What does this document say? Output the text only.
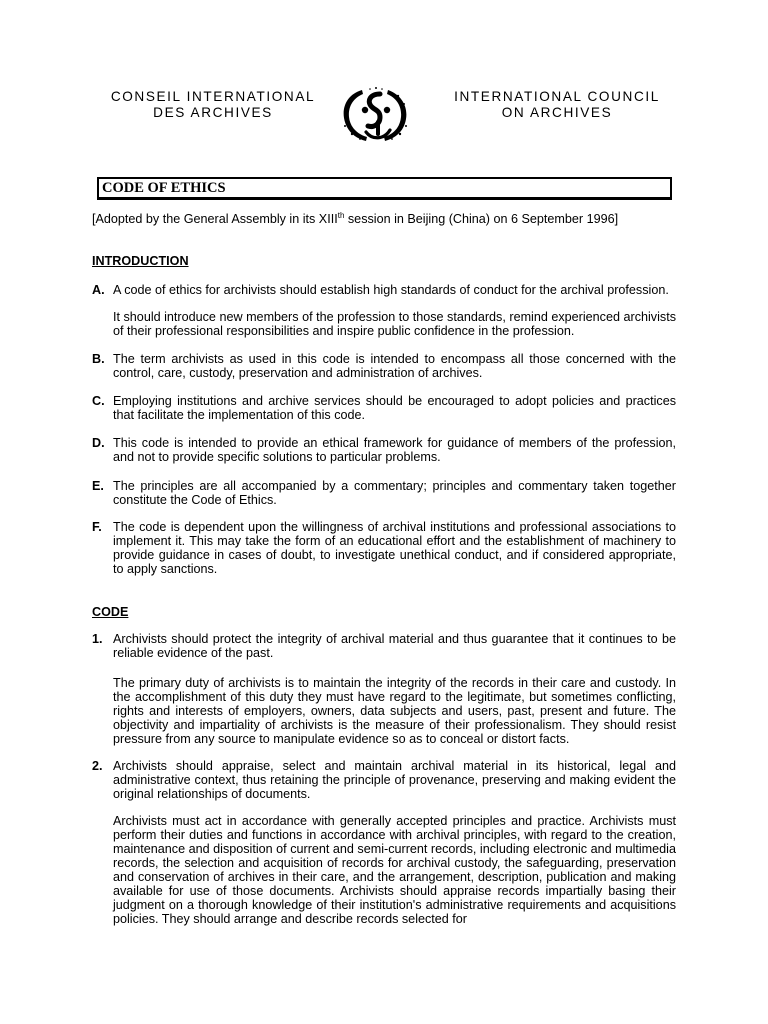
CONSEIL INTERNATIONAL
DES ARCHIVES
INTERNATIONAL COUNCIL
ON ARCHIVES
CODE OF ETHICS
[Adopted by the General Assembly in its XIIIth session in Beijing (China) on 6 September 1996]
INTRODUCTION
A. A code of ethics for archivists should establish high standards of conduct for the archival profession.
It should introduce new members of the profession to those standards, remind experienced archivists of their professional responsibilities and inspire public confidence in the profession.
B. The term archivists as used in this code is intended to encompass all those concerned with the control, care, custody, preservation and administration of archives.
C. Employing institutions and archive services should be encouraged to adopt policies and practices that facilitate the implementation of this code.
D. This code is intended to provide an ethical framework for guidance of members of the profession, and not to provide specific solutions to particular problems.
E. The principles are all accompanied by a commentary; principles and commentary taken together constitute the Code of Ethics.
F. The code is dependent upon the willingness of archival institutions and professional associations to implement it. This may take the form of an educational effort and the establishment of machinery to provide guidance in cases of doubt, to investigate unethical conduct, and if considered appropriate, to apply sanctions.
CODE
1. Archivists should protect the integrity of archival material and thus guarantee that it continues to be reliable evidence of the past.
The primary duty of archivists is to maintain the integrity of the records in their care and custody. In the accomplishment of this duty they must have regard to the legitimate, but sometimes conflicting, rights and interests of employers, owners, data subjects and users, past, present and future. The objectivity and impartiality of archivists is the measure of their professionalism. They should resist pressure from any source to manipulate evidence so as to conceal or distort facts.
2. Archivists should appraise, select and maintain archival material in its historical, legal and administrative context, thus retaining the principle of provenance, preserving and making evident the original relationships of documents.
Archivists must act in accordance with generally accepted principles and practice. Archivists must perform their duties and functions in accordance with archival principles, with regard to the creation, maintenance and disposition of current and semi-current records, including electronic and multimedia records, the selection and acquisition of records for archival custody, the safeguarding, preservation and conservation of archives in their care, and the arrangement, description, publication and making available for use of those documents. Archivists should appraise records impartially basing their judgment on a thorough knowledge of their institution's administrative requirements and acquisitions policies. They should arrange and describe records selected for
